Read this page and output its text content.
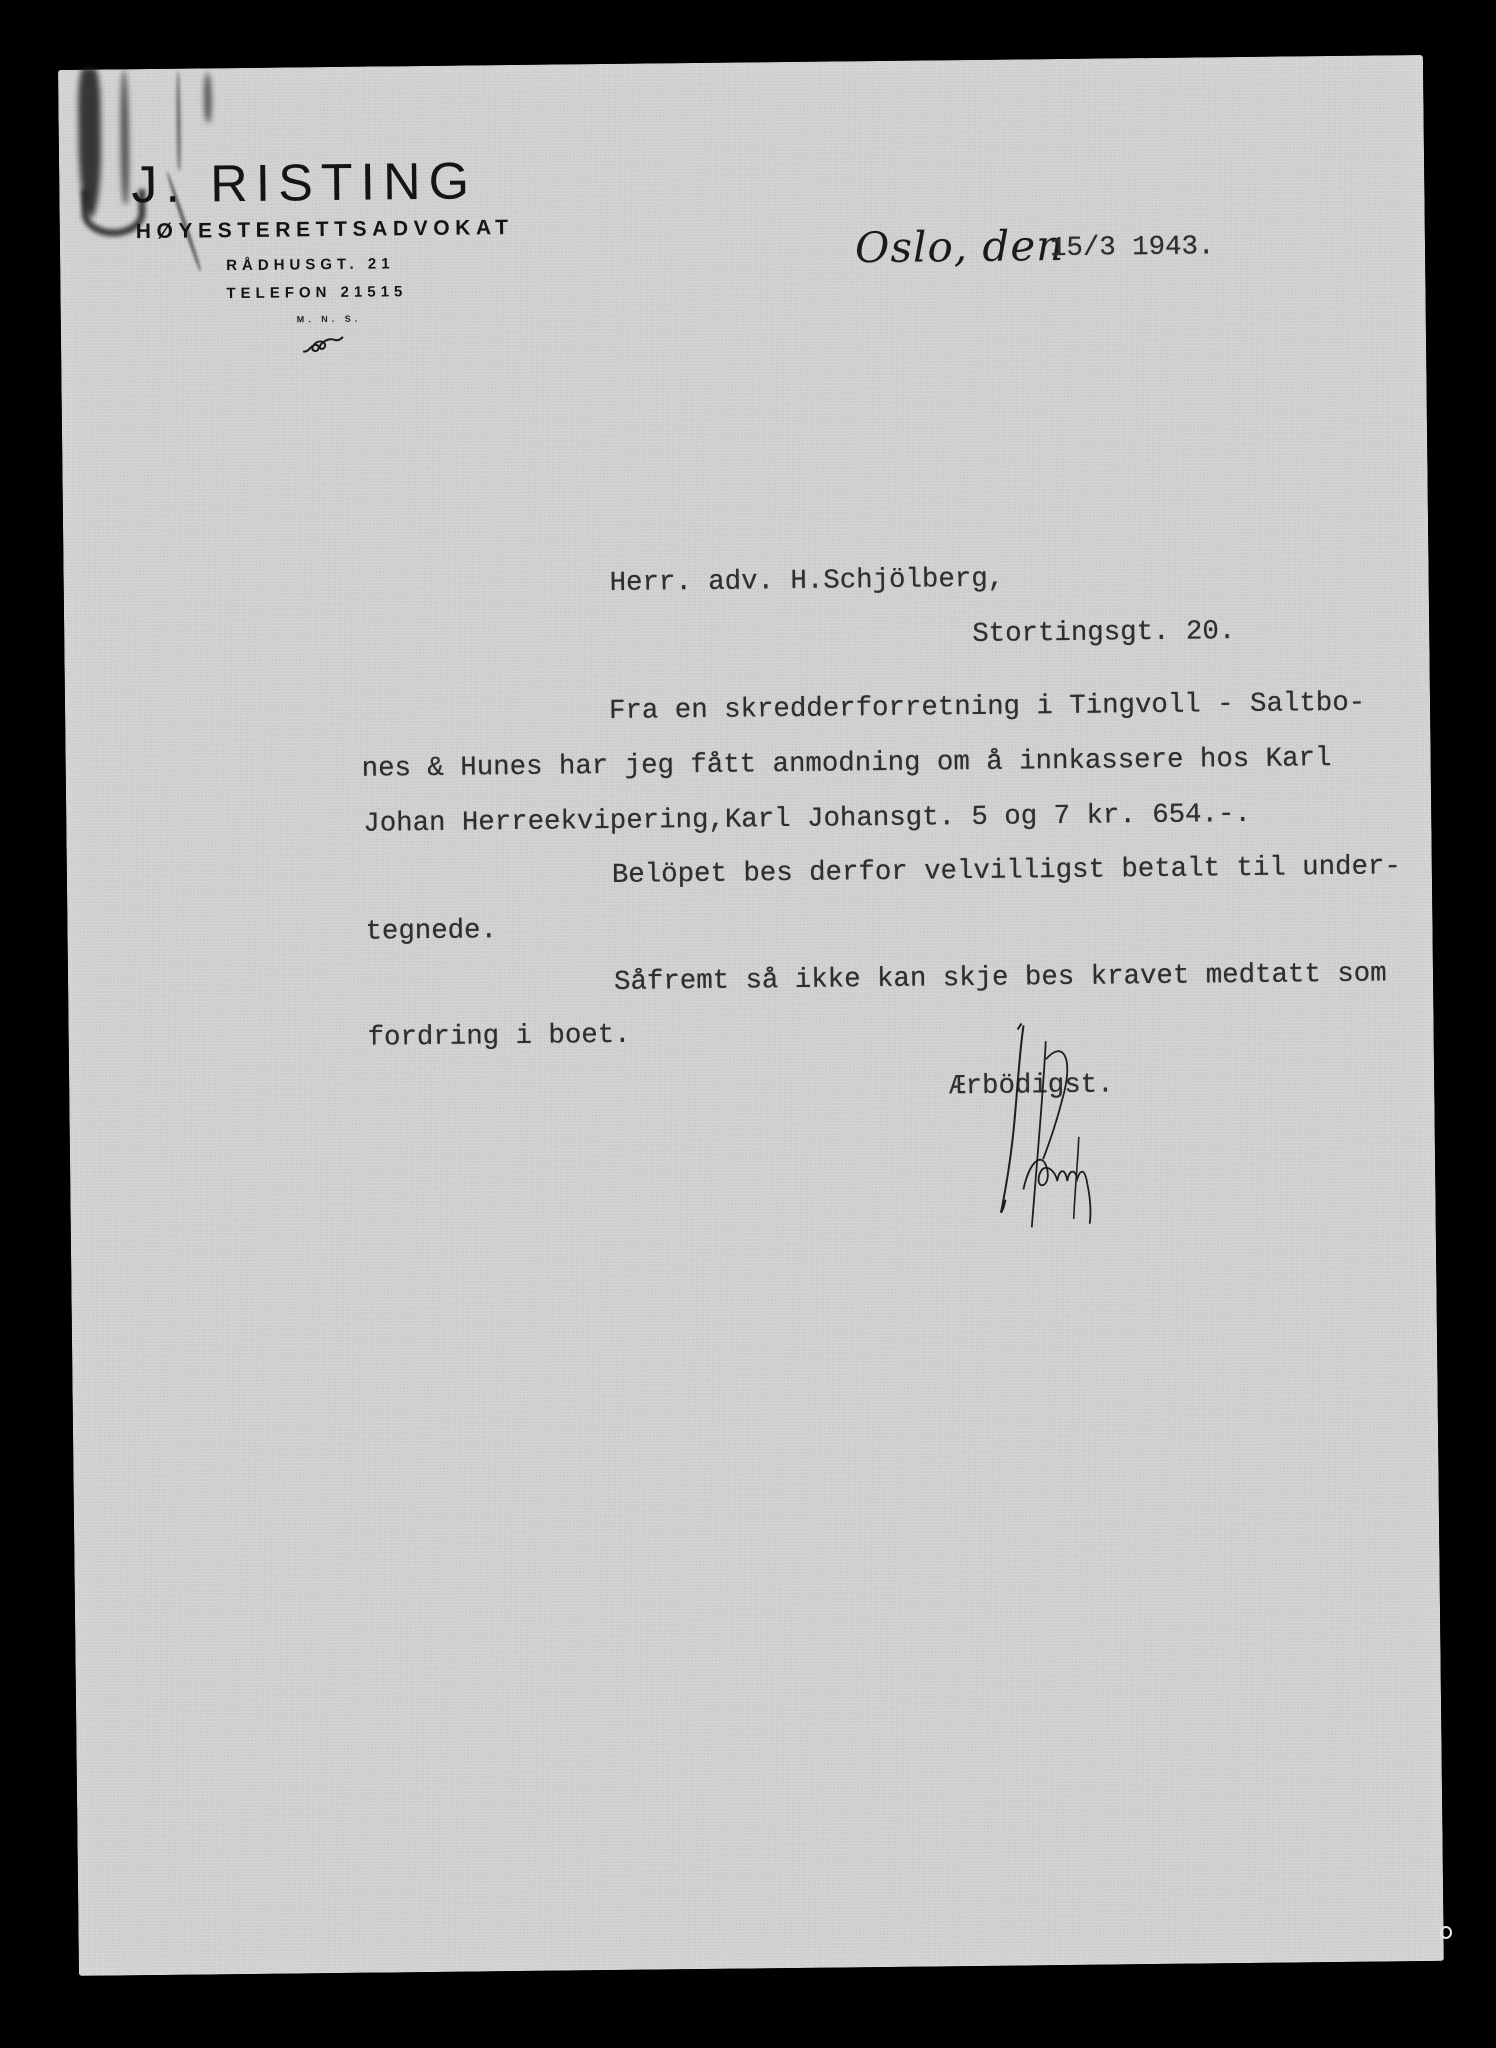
J. RISTING
HØYESTERETTSADVOKAT
RÅDHUSGT. 21
TELEFON 21515
M. N. S.
Oslo, den
15/3 1943.
Herr. adv. H.Schjölberg,
Stortingsgt. 20.
Fra en skredderforretning i Tingvoll - Saltbo-
nes & Hunes har jeg fått anmodning om å innkassere hos Karl
Johan Herreekvipering,Karl Johansgt. 5 og 7 kr. 654.-.
Belöpet bes derfor velvilligst betalt til under-
tegnede.
Såfremt så ikke kan skje bes kravet medtatt som
fordring i boet.
Ærbödigst.
